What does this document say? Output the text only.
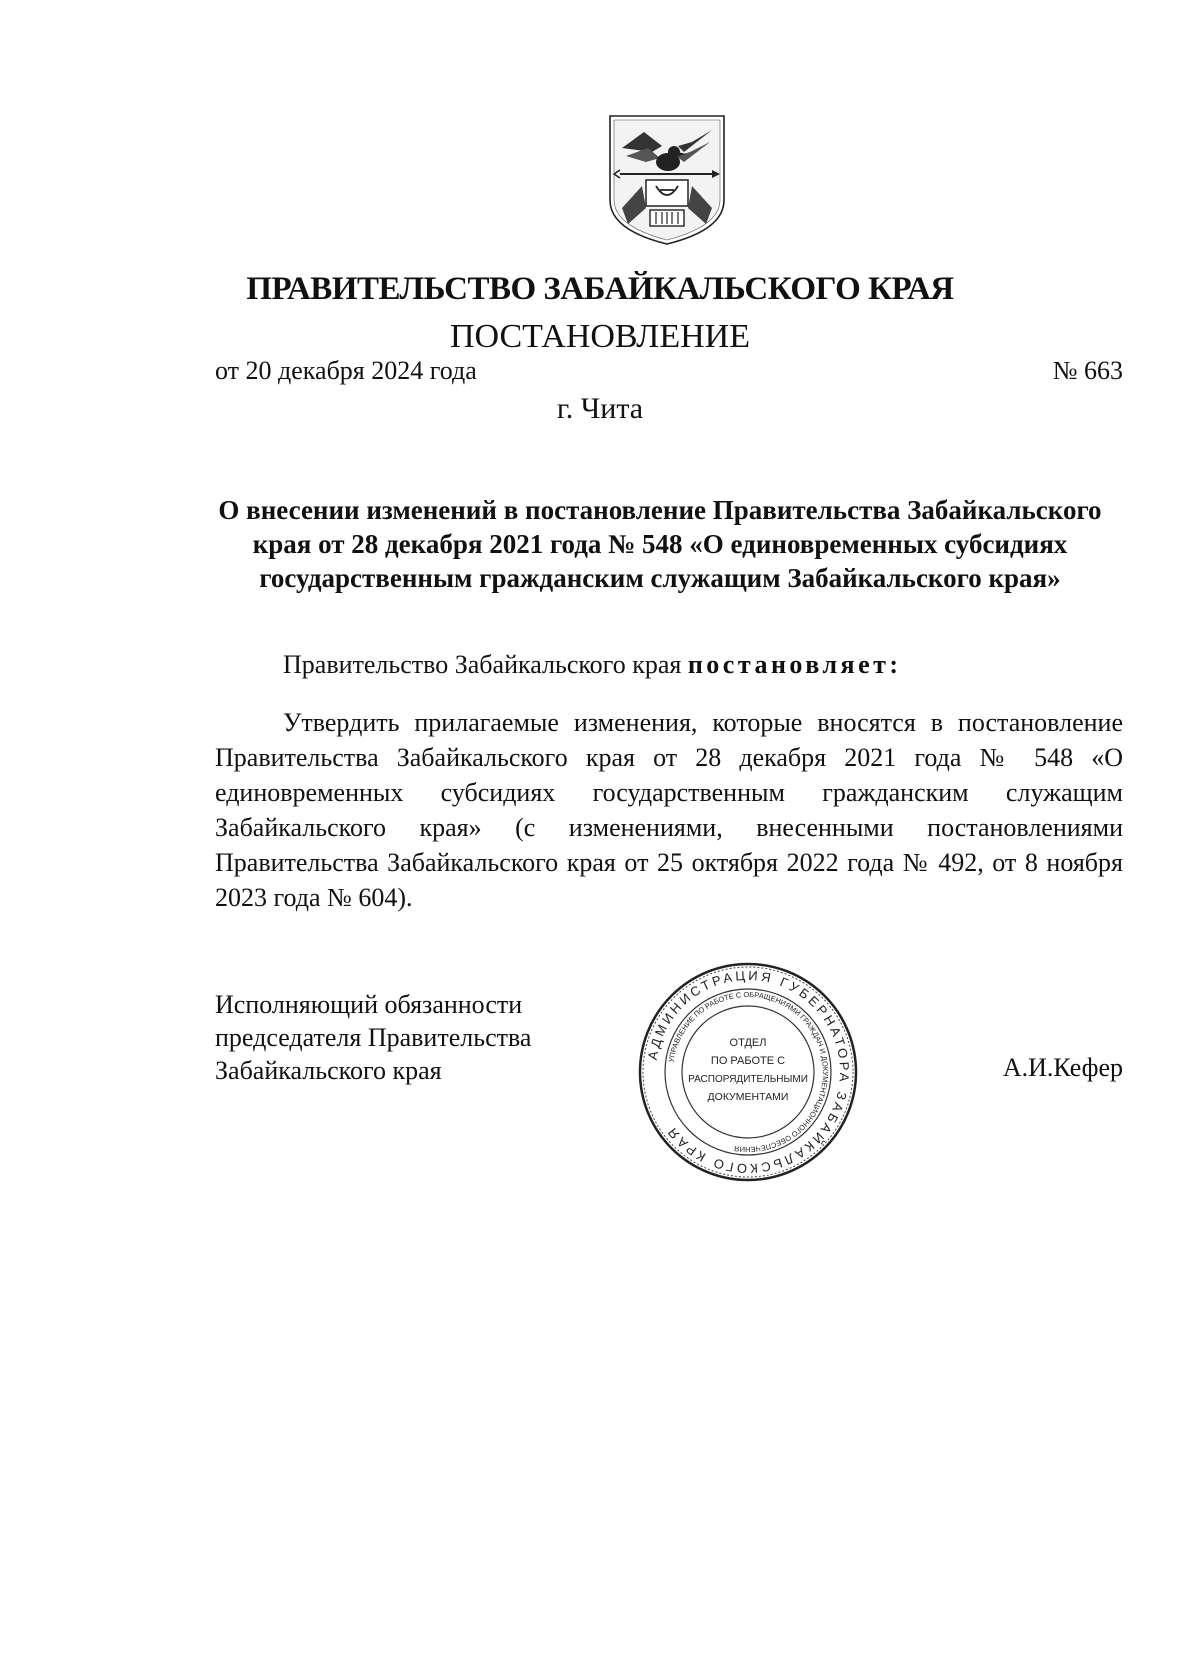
ПРАВИТЕЛЬСТВО ЗАБАЙКАЛЬСКОГО КРАЯ
ПОСТАНОВЛЕНИЕ
от 20 декабря 2024 года	№ 663
г. Чита
О внесении изменений в постановление Правительства Забайкальского края от 28 декабря 2021 года № 548 «О единовременных субсидиях государственным гражданским служащим Забайкальского края»
Правительство Забайкальского края постановляет:
Утвердить прилагаемые изменения, которые вносятся в постановление Правительства Забайкальского края от 28 декабря 2021 года № 548 «О единовременных субсидиях государственным гражданским служащим Забайкальского края» (с изменениями, внесенными постановлениями Правительства Забайкальского края от 25 октября 2022 года № 492, от 8 ноября 2023 года № 604).
Исполняющий обязанности
председателя Правительства
Забайкальского края	А.И.Кефер
АДМИНИСТРАЦИЯ ГУБЕРНАТОРА ЗАБАЙКАЛЬСКОГО КРАЯ
УПРАВЛЕНИЕ ПО РАБОТЕ С ОБРАЩЕНИЯМИ ГРАЖДАН И ДОКУМЕНТАЦИОННОГО ОБЕСПЕЧЕНИЯ
ОТДЕЛ
ПО РАБОТЕ С
РАСПОРЯДИТЕЛЬНЫМИ
ДОКУМЕНТАМИ
